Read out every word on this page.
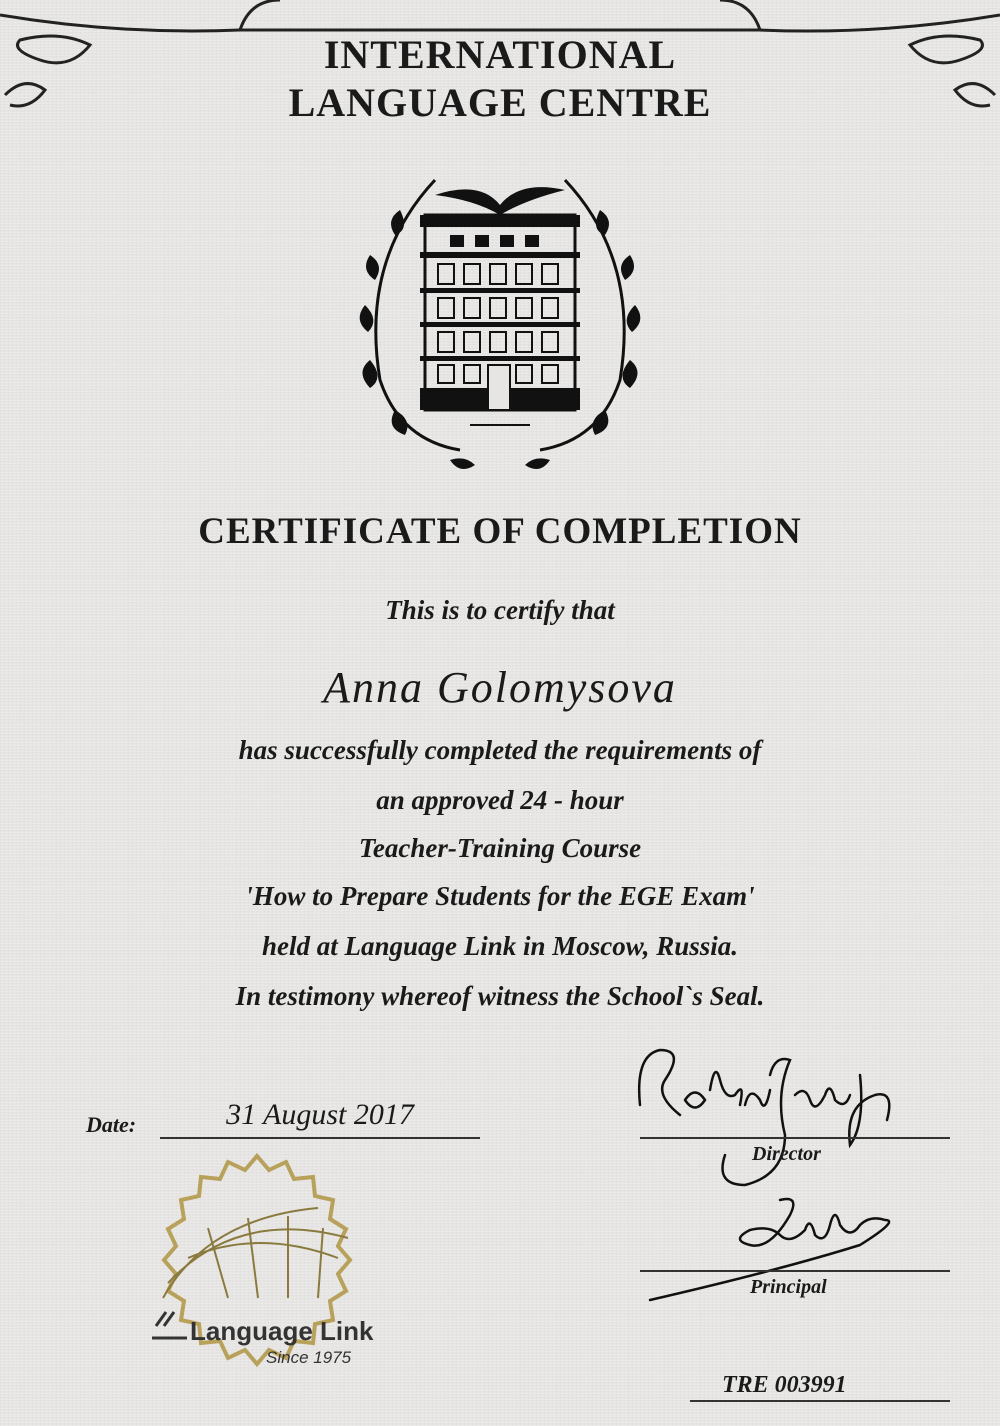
INTERNATIONAL
LANGUAGE CENTRE
CERTIFICATE OF COMPLETION
This is to certify that
Anna Golomysova
has successfully completed the requirements of
an approved 24 - hour
Teacher-Training Course
'How to Prepare Students for the EGE Exam'
held at Language Link in Moscow, Russia.
In testimony whereof witness the School`s Seal.
Date:	31 August 2017
Director
Principal
TRE 003991
Language Link
Since 1975
